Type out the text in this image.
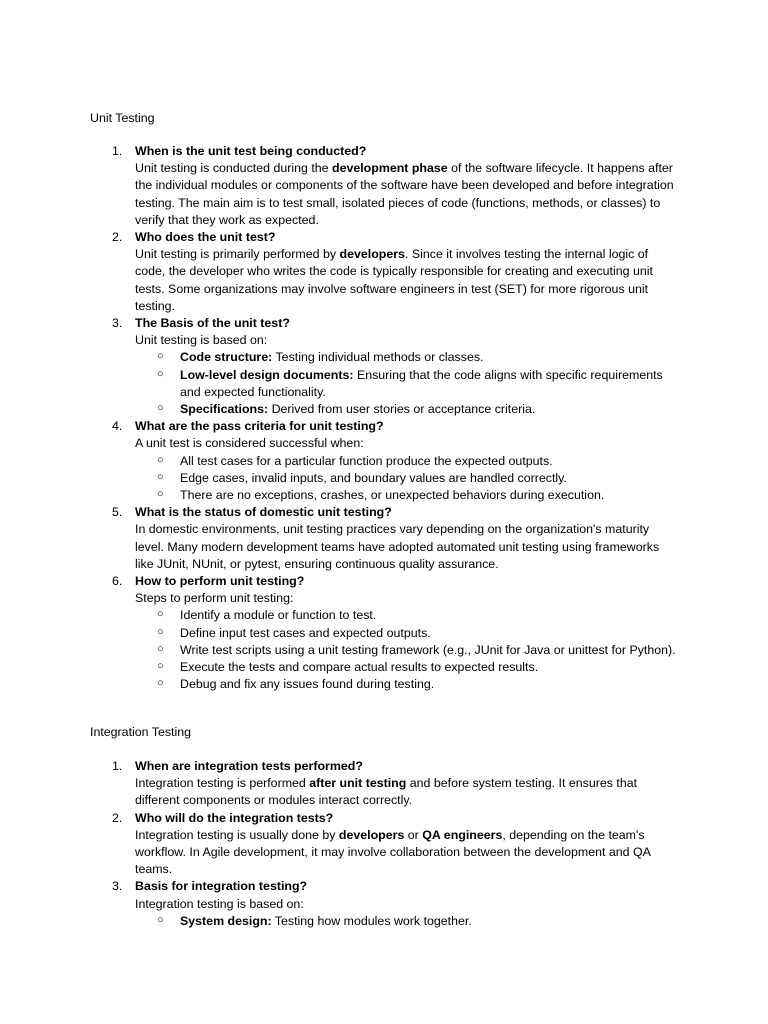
Unit Testing
1. When is the unit test being conducted?
Unit testing is conducted during the development phase of the software lifecycle. It happens after the individual modules or components of the software have been developed and before integration testing. The main aim is to test small, isolated pieces of code (functions, methods, or classes) to verify that they work as expected.
2. Who does the unit test?
Unit testing is primarily performed by developers. Since it involves testing the internal logic of code, the developer who writes the code is typically responsible for creating and executing unit tests. Some organizations may involve software engineers in test (SET) for more rigorous unit testing.
3. The Basis of the unit test?
Unit testing is based on:
○ Code structure: Testing individual methods or classes.
○ Low-level design documents: Ensuring that the code aligns with specific requirements and expected functionality.
○ Specifications: Derived from user stories or acceptance criteria.
4. What are the pass criteria for unit testing?
A unit test is considered successful when:
○ All test cases for a particular function produce the expected outputs.
○ Edge cases, invalid inputs, and boundary values are handled correctly.
○ There are no exceptions, crashes, or unexpected behaviors during execution.
5. What is the status of domestic unit testing?
In domestic environments, unit testing practices vary depending on the organization's maturity level. Many modern development teams have adopted automated unit testing using frameworks like JUnit, NUnit, or pytest, ensuring continuous quality assurance.
6. How to perform unit testing?
Steps to perform unit testing:
○ Identify a module or function to test.
○ Define input test cases and expected outputs.
○ Write test scripts using a unit testing framework (e.g., JUnit for Java or unittest for Python).
○ Execute the tests and compare actual results to expected results.
○ Debug and fix any issues found during testing.
Integration Testing
1. When are integration tests performed?
Integration testing is performed after unit testing and before system testing. It ensures that different components or modules interact correctly.
2. Who will do the integration tests?
Integration testing is usually done by developers or QA engineers, depending on the team's workflow. In Agile development, it may involve collaboration between the development and QA teams.
3. Basis for integration testing?
Integration testing is based on:
○ System design: Testing how modules work together.
